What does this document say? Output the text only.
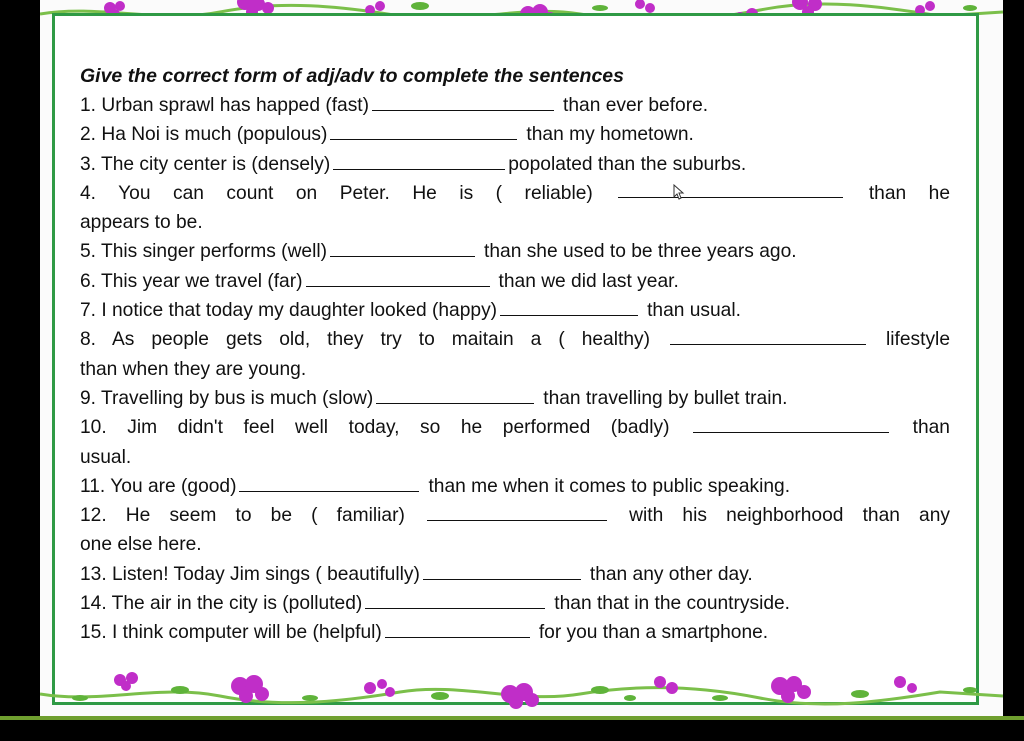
Give the correct form of adj/adv to complete the sentences
1. Urban sprawl has happed (fast)	than ever before.
2. Ha Noi is much (populous)	than my hometown.
3. The city center is (densely)	popolated than the suburbs.
4. You can count on Peter. He is ( reliable)	than he
appears to be.
5. This singer performs (well)	than she used to be three years ago.
6. This year we travel (far)	than we did last year.
7. I notice that today my daughter looked (happy)	than usual.
8. As people gets old, they try to maitain a ( healthy)	lifestyle
than when they are young.
9. Travelling by bus is much (slow)	than travelling by bullet train.
10. Jim didn't feel well today, so he performed (badly)	than
usual.
11. You are (good)	than me when it comes to public speaking.
12. He seem to be ( familiar)	with his neighborhood than any
one else here.
13. Listen! Today Jim sings ( beautifully)	than any other day.
14. The air in the city is (polluted)	than that in the countryside.
15. I think computer will be (helpful)	for you than a smartphone.
